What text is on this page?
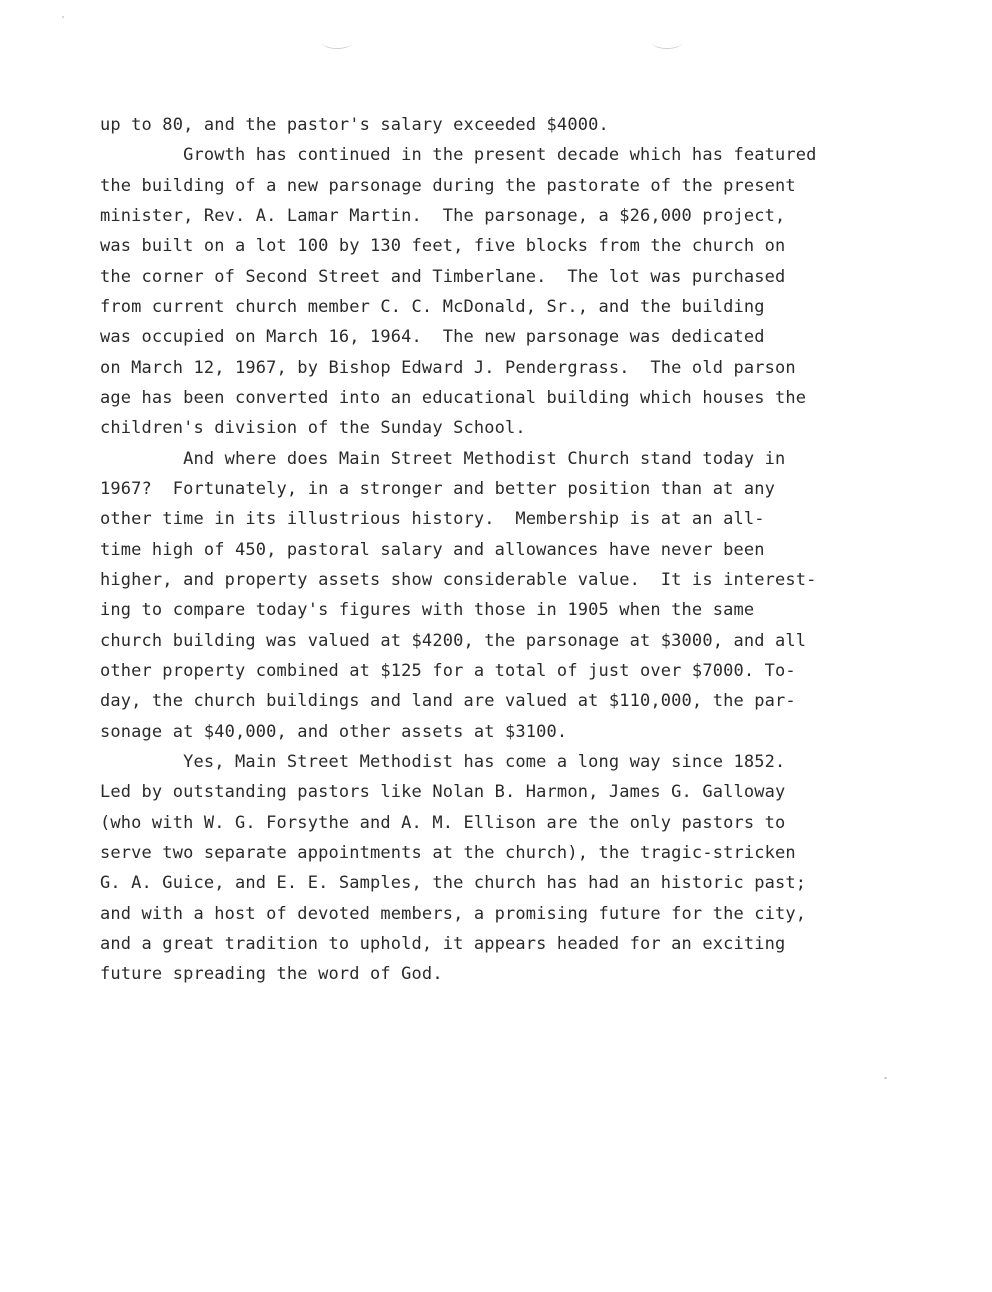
up to 80, and the pastor's salary exceeded $4000.
Growth has continued in the present decade which has featured
the building of a new parsonage during the pastorate of the present
minister, Rev. A. Lamar Martin.  The parsonage, a $26,000 project,
was built on a lot 100 by 130 feet, five blocks from the church on
the corner of Second Street and Timberlane.  The lot was purchased
from current church member C. C. McDonald, Sr., and the building
was occupied on March 16, 1964.  The new parsonage was dedicated
on March 12, 1967, by Bishop Edward J. Pendergrass.  The old parson
age has been converted into an educational building which houses the
children's division of the Sunday School.
And where does Main Street Methodist Church stand today in
1967?  Fortunately, in a stronger and better position than at any
other time in its illustrious history.  Membership is at an all-
time high of 450, pastoral salary and allowances have never been
higher, and property assets show considerable value.  It is interest-
ing to compare today's figures with those in 1905 when the same
church building was valued at $4200, the parsonage at $3000, and all
other property combined at $125 for a total of just over $7000. To-
day, the church buildings and land are valued at $110,000, the par-
sonage at $40,000, and other assets at $3100.
Yes, Main Street Methodist has come a long way since 1852.
Led by outstanding pastors like Nolan B. Harmon, James G. Galloway
(who with W. G. Forsythe and A. M. Ellison are the only pastors to
serve two separate appointments at the church), the tragic-stricken
G. A. Guice, and E. E. Samples, the church has had an historic past;
and with a host of devoted members, a promising future for the city,
and a great tradition to uphold, it appears headed for an exciting
future spreading the word of God.
